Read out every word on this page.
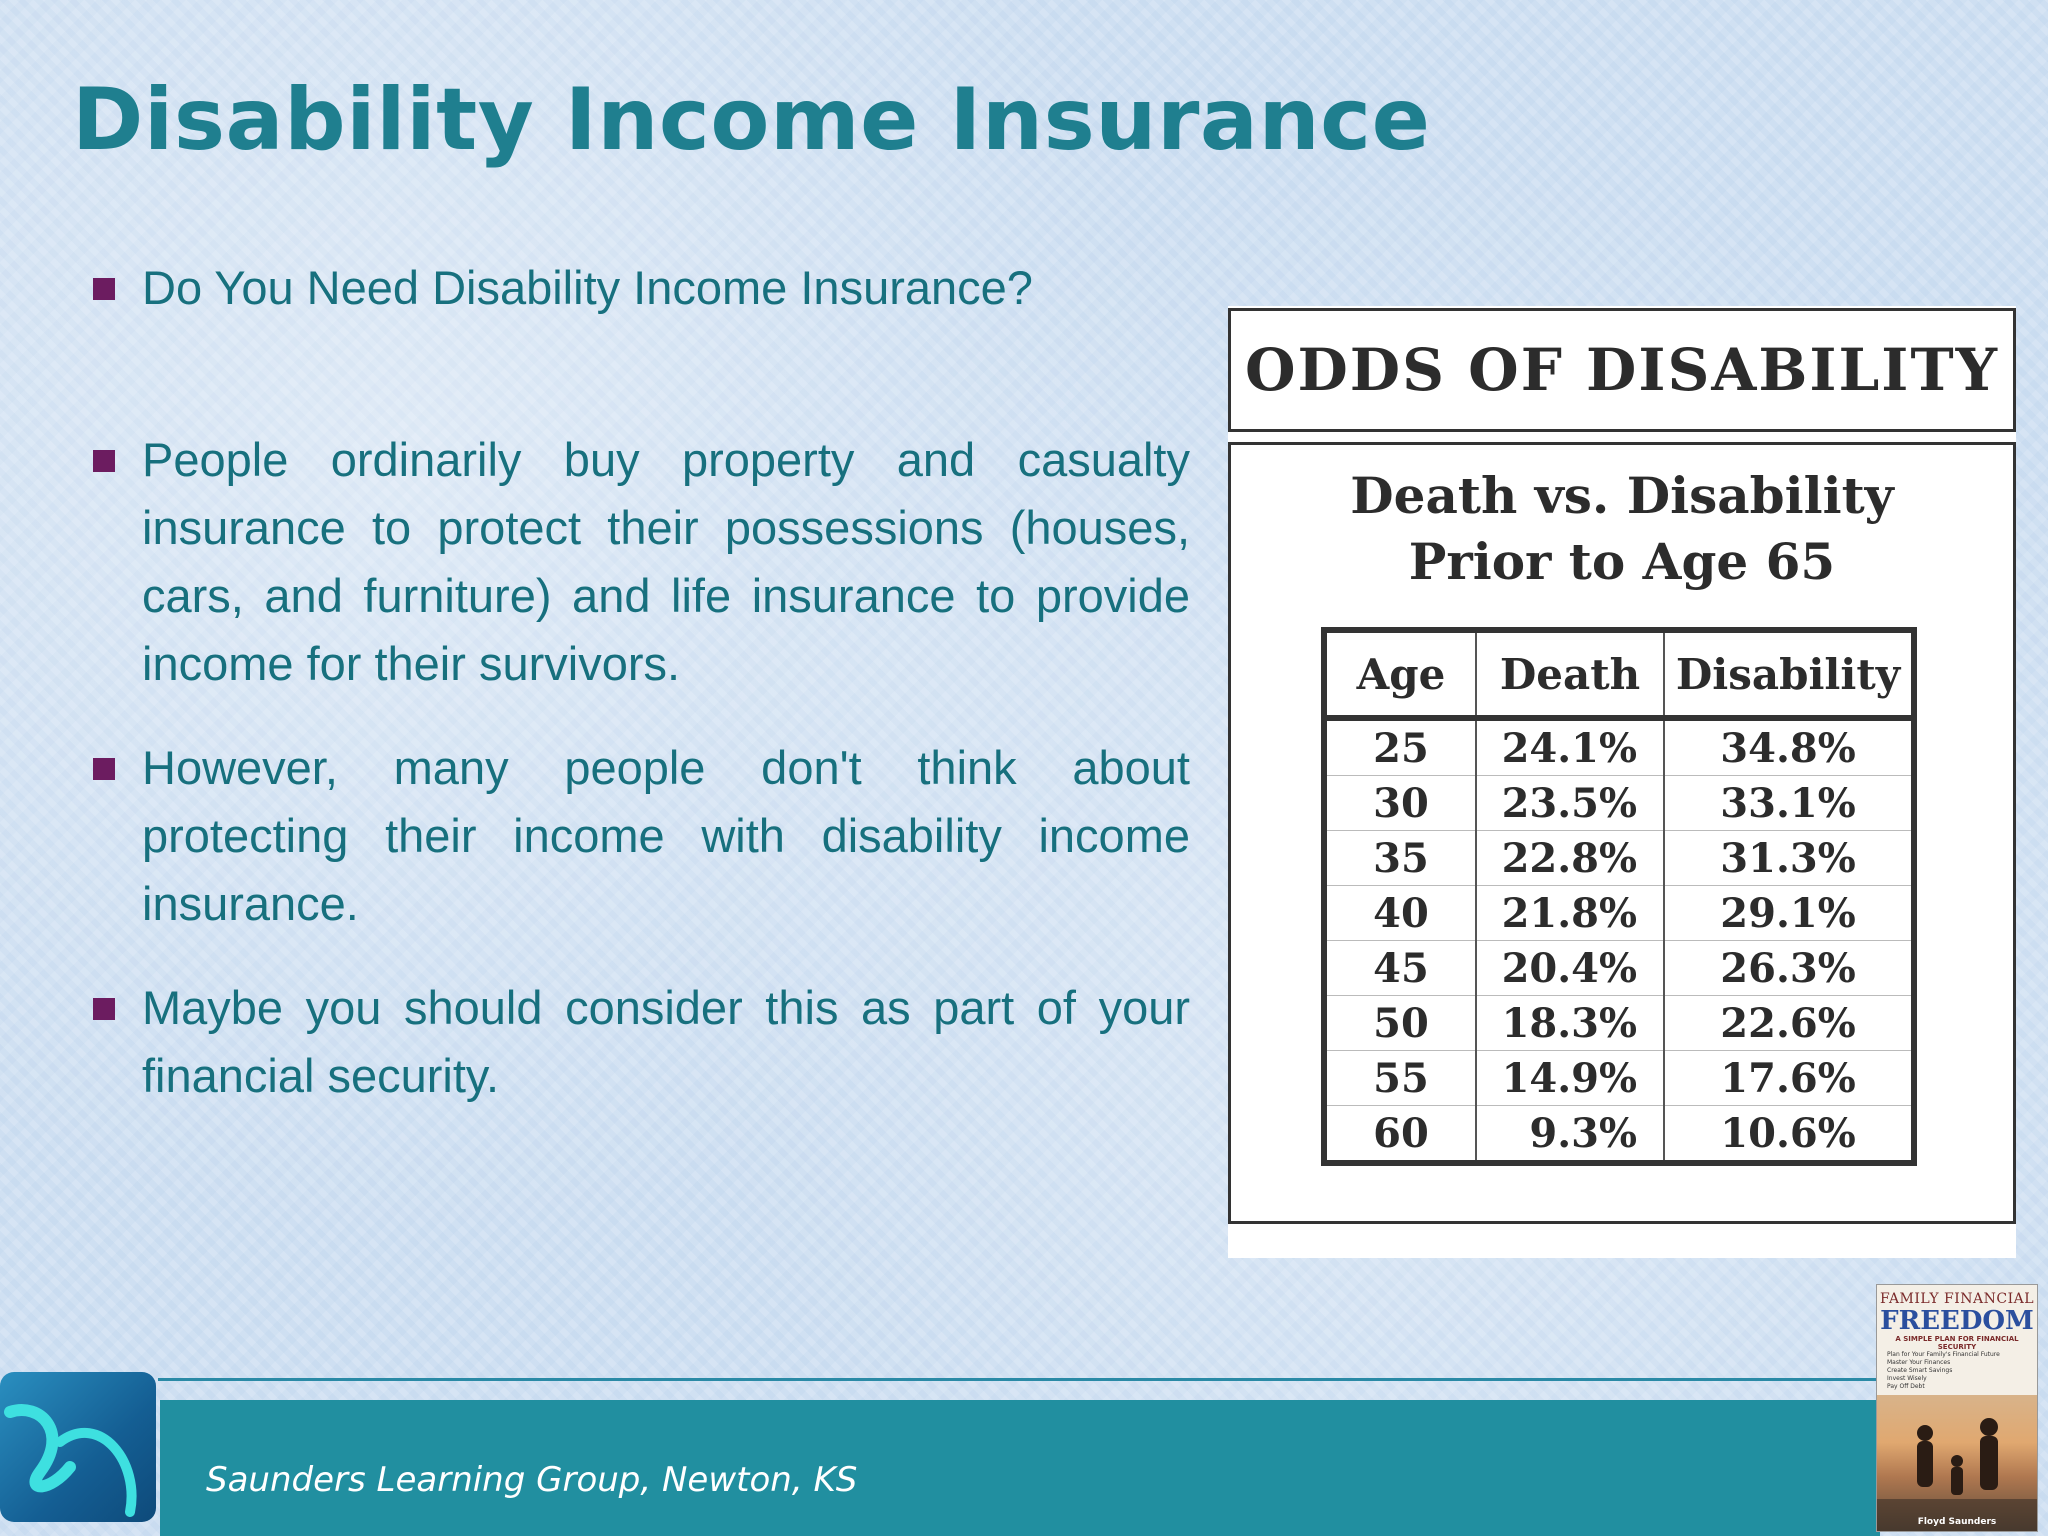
Disability Income Insurance
Do You Need Disability Income Insurance?
People ordinarily buy property and casualty insurance to protect their possessions (houses, cars, and furniture) and life insurance to provide income for their survivors.
However, many people don't think about protecting their income with disability income insurance.
Maybe you should consider this as part of your financial security.
ODDS OF DISABILITY
Death vs. Disability
Prior to Age 65
Age	Death	Disability
25	24.1%	34.8%
30	23.5%	33.1%
35	22.8%	31.3%
40	21.8%	29.1%
45	20.4%	26.3%
50	18.3%	22.6%
55	14.9%	17.6%
60	9.3%	10.6%
Saunders Learning Group, Newton, KS
FAMILY FINANCIAL
FREEDOM
A SIMPLE PLAN FOR FINANCIAL SECURITY
Plan for Your Family's Financial Future
Master Your Finances
Create Smart Savings
Invest Wisely
Pay Off Debt
Floyd Saunders
